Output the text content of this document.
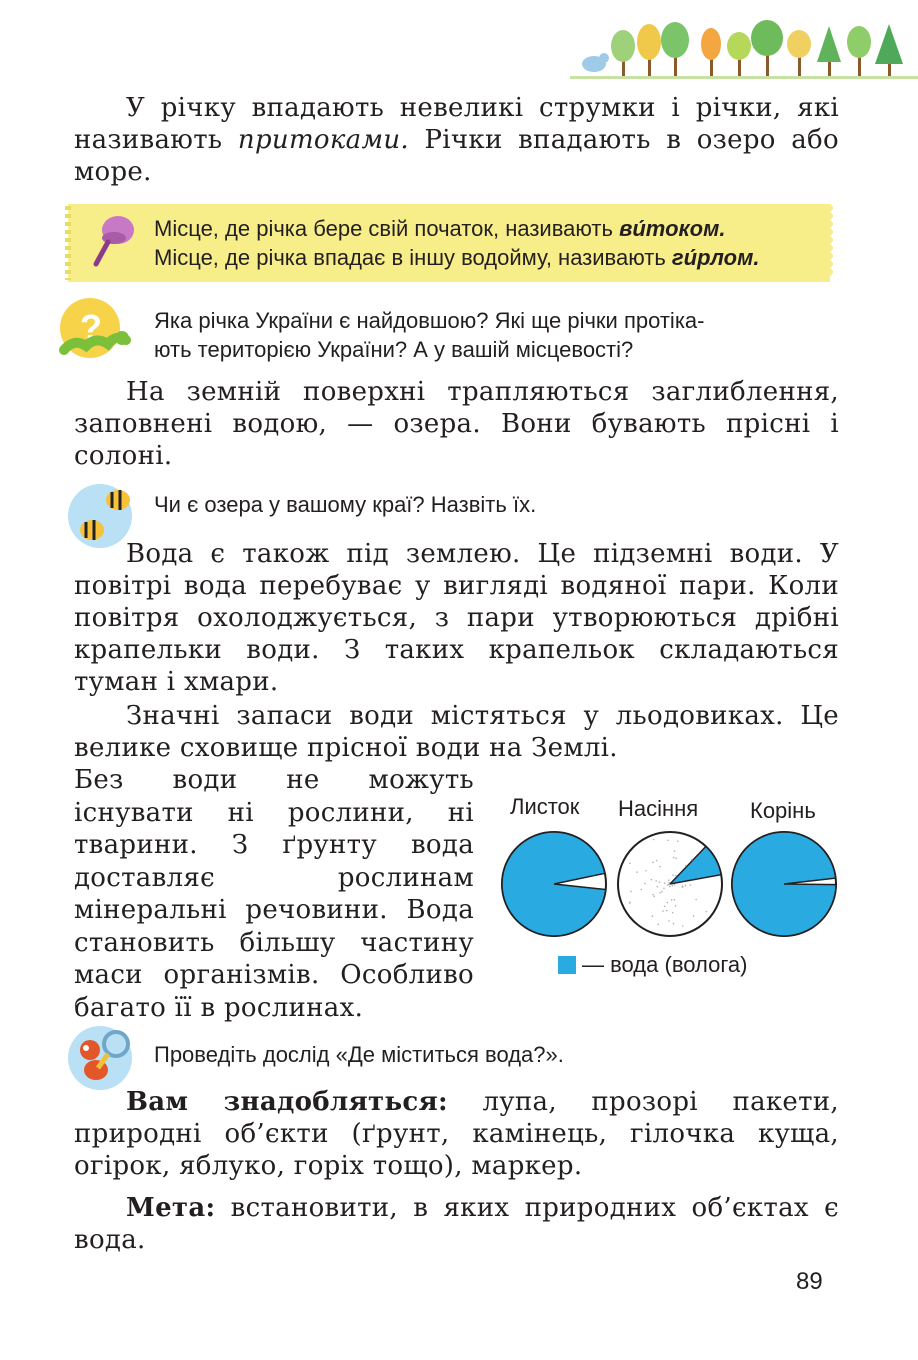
У річку впадають невеликі струмки і річки, які називають притоками. Річки впадають в озеро або море.

Місце, де річка бере свій початок, називають ви́током.
Місце, де річка впадає в іншу водойму, називають ги́рлом.

? Яка річка України є найдовшою? Які ще річки протіка-
ють територією України? А у вашій місцевості?

На земній поверхні трапляються заглиблення, заповнені водою, — озера. Вони бувають прісні і солоні.

Чи є озера у вашому краї? Назвіть їх.

Вода є також під землею. Це підземні води. У повітрі вода перебуває у вигляді водяної пари. Коли повітря охолоджується, з пари утворюються дрібні крапельки води. З таких крапельок складаються туман і хмари.

Значні запаси води містяться у льодовиках. Це велике сховище прісної води на Землі.

Без води не можуть існувати ні рослини, ні тварини. З ґрунту вода доставляє рослинам мінеральні речовини. Вода становить більшу частину маси організмів. Особливо багато її в рослинах.

Листок Насіння Корінь
— вода (волога)

Проведіть дослід «Де міститься вода?».

Вам знадобляться: лупа, прозорі пакети, природні об’єкти (ґрунт, камінець, гілочка куща, огірок, яблуко, горіх тощо), маркер.

Мета: встановити, в яких природних об’єктах є вода.

89
